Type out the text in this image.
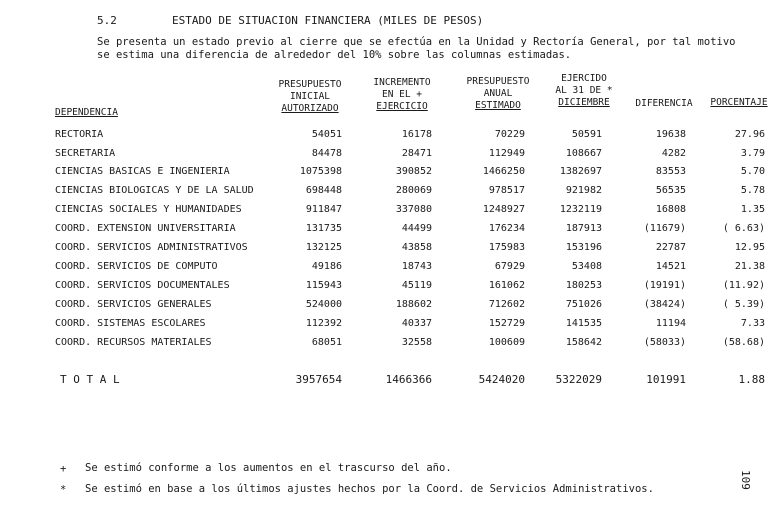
5.2	ESTADO DE SITUACION FINANCIERA (MILES DE PESOS)
Se presenta un estado previo al cierre que se efectúa en la Unidad y Rectoría General, por tal motivo
se estima una diferencia de alrededor del 10% sobre las columnas estimadas.
PRESUPUESTO
INICIAL
AUTORIZADO
INCREMENTO
EN EL +
EJERCICIO
PRESUPUESTO
ANUAL
ESTIMADO
EJERCIDO
AL 31 DE *
DICIEMBRE	DIFERENCIA	PORCENTAJE
DEPENDENCIA
RECTORIA	54051	16178	70229	50591	19638	27.96
SECRETARIA	84478	28471	112949	108667	4282	3.79
CIENCIAS BASICAS E INGENIERIA	1075398	390852	1466250	1382697	83553	5.70
CIENCIAS BIOLOGICAS Y DE LA SALUD	698448	280069	978517	921982	56535	5.78
CIENCIAS SOCIALES Y HUMANIDADES	911847	337080	1248927	1232119	16808	1.35
COORD. EXTENSION UNIVERSITARIA	131735	44499	176234	187913	(11679)	( 6.63)
COORD. SERVICIOS ADMINISTRATIVOS	132125	43858	175983	153196	22787	12.95
COORD. SERVICIOS DE COMPUTO	49186	18743	67929	53408	14521	21.38
COORD. SERVICIOS DOCUMENTALES	115943	45119	161062	180253	(19191)	(11.92)
COORD. SERVICIOS GENERALES	524000	188602	712602	751026	(38424)	( 5.39)
COORD. SISTEMAS ESCOLARES	112392	40337	152729	141535	11194	7.33
COORD. RECURSOS MATERIALES	68051	32558	100609	158642	(58033)	(58.68)
T O T A L	3957654	1466366	5424020	5322029	101991	1.88
+ Se estimó conforme a los aumentos en el trascurso del año.
* Se estimó en base a los últimos ajustes hechos por la Coord. de Servicios Administrativos.	109
